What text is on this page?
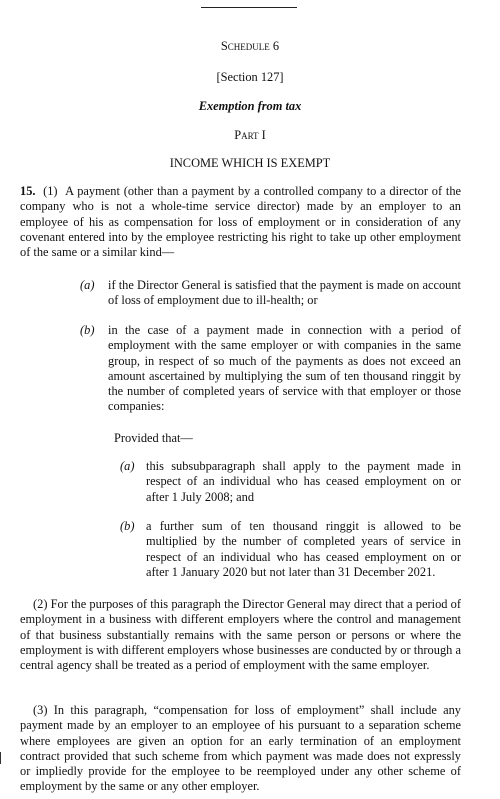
Schedule 6
[Section 127]
Exemption from tax
Part I
INCOME WHICH IS EXEMPT
15. (1) A payment (other than a payment by a controlled company to a director of the company who is not a whole-time service director) made by an employer to an employee of his as compensation for loss of employment or in consideration of any covenant entered into by the employee restricting his right to take up other employment of the same or a similar kind—
(a) if the Director General is satisfied that the payment is made on account of loss of employment due to ill-health; or
(b) in the case of a payment made in connection with a period of employment with the same employer or with companies in the same group, in respect of so much of the payments as does not exceed an amount ascertained by multiplying the sum of ten thousand ringgit by the number of completed years of service with that employer or those companies:
Provided that—
(a) this subsubparagraph shall apply to the payment made in respect of an individual who has ceased employment on or after 1 July 2008; and
(b) a further sum of ten thousand ringgit is allowed to be multiplied by the number of completed years of service in respect of an individual who has ceased employment on or after 1 January 2020 but not later than 31 December 2021.
(2) For the purposes of this paragraph the Director General may direct that a period of employment in a business with different employers where the control and management of that business substantially remains with the same person or persons or where the employment is with different employers whose businesses are conducted by or through a central agency shall be treated as a period of employment with the same employer.
(3) In this paragraph, “compensation for loss of employment” shall include any payment made by an employer to an employee of his pursuant to a separation scheme where employees are given an option for an early termination of an employment contract provided that such scheme from which payment was made does not expressly or impliedly provide for the employee to be reemployed under any other scheme of employment by the same or any other employer.
